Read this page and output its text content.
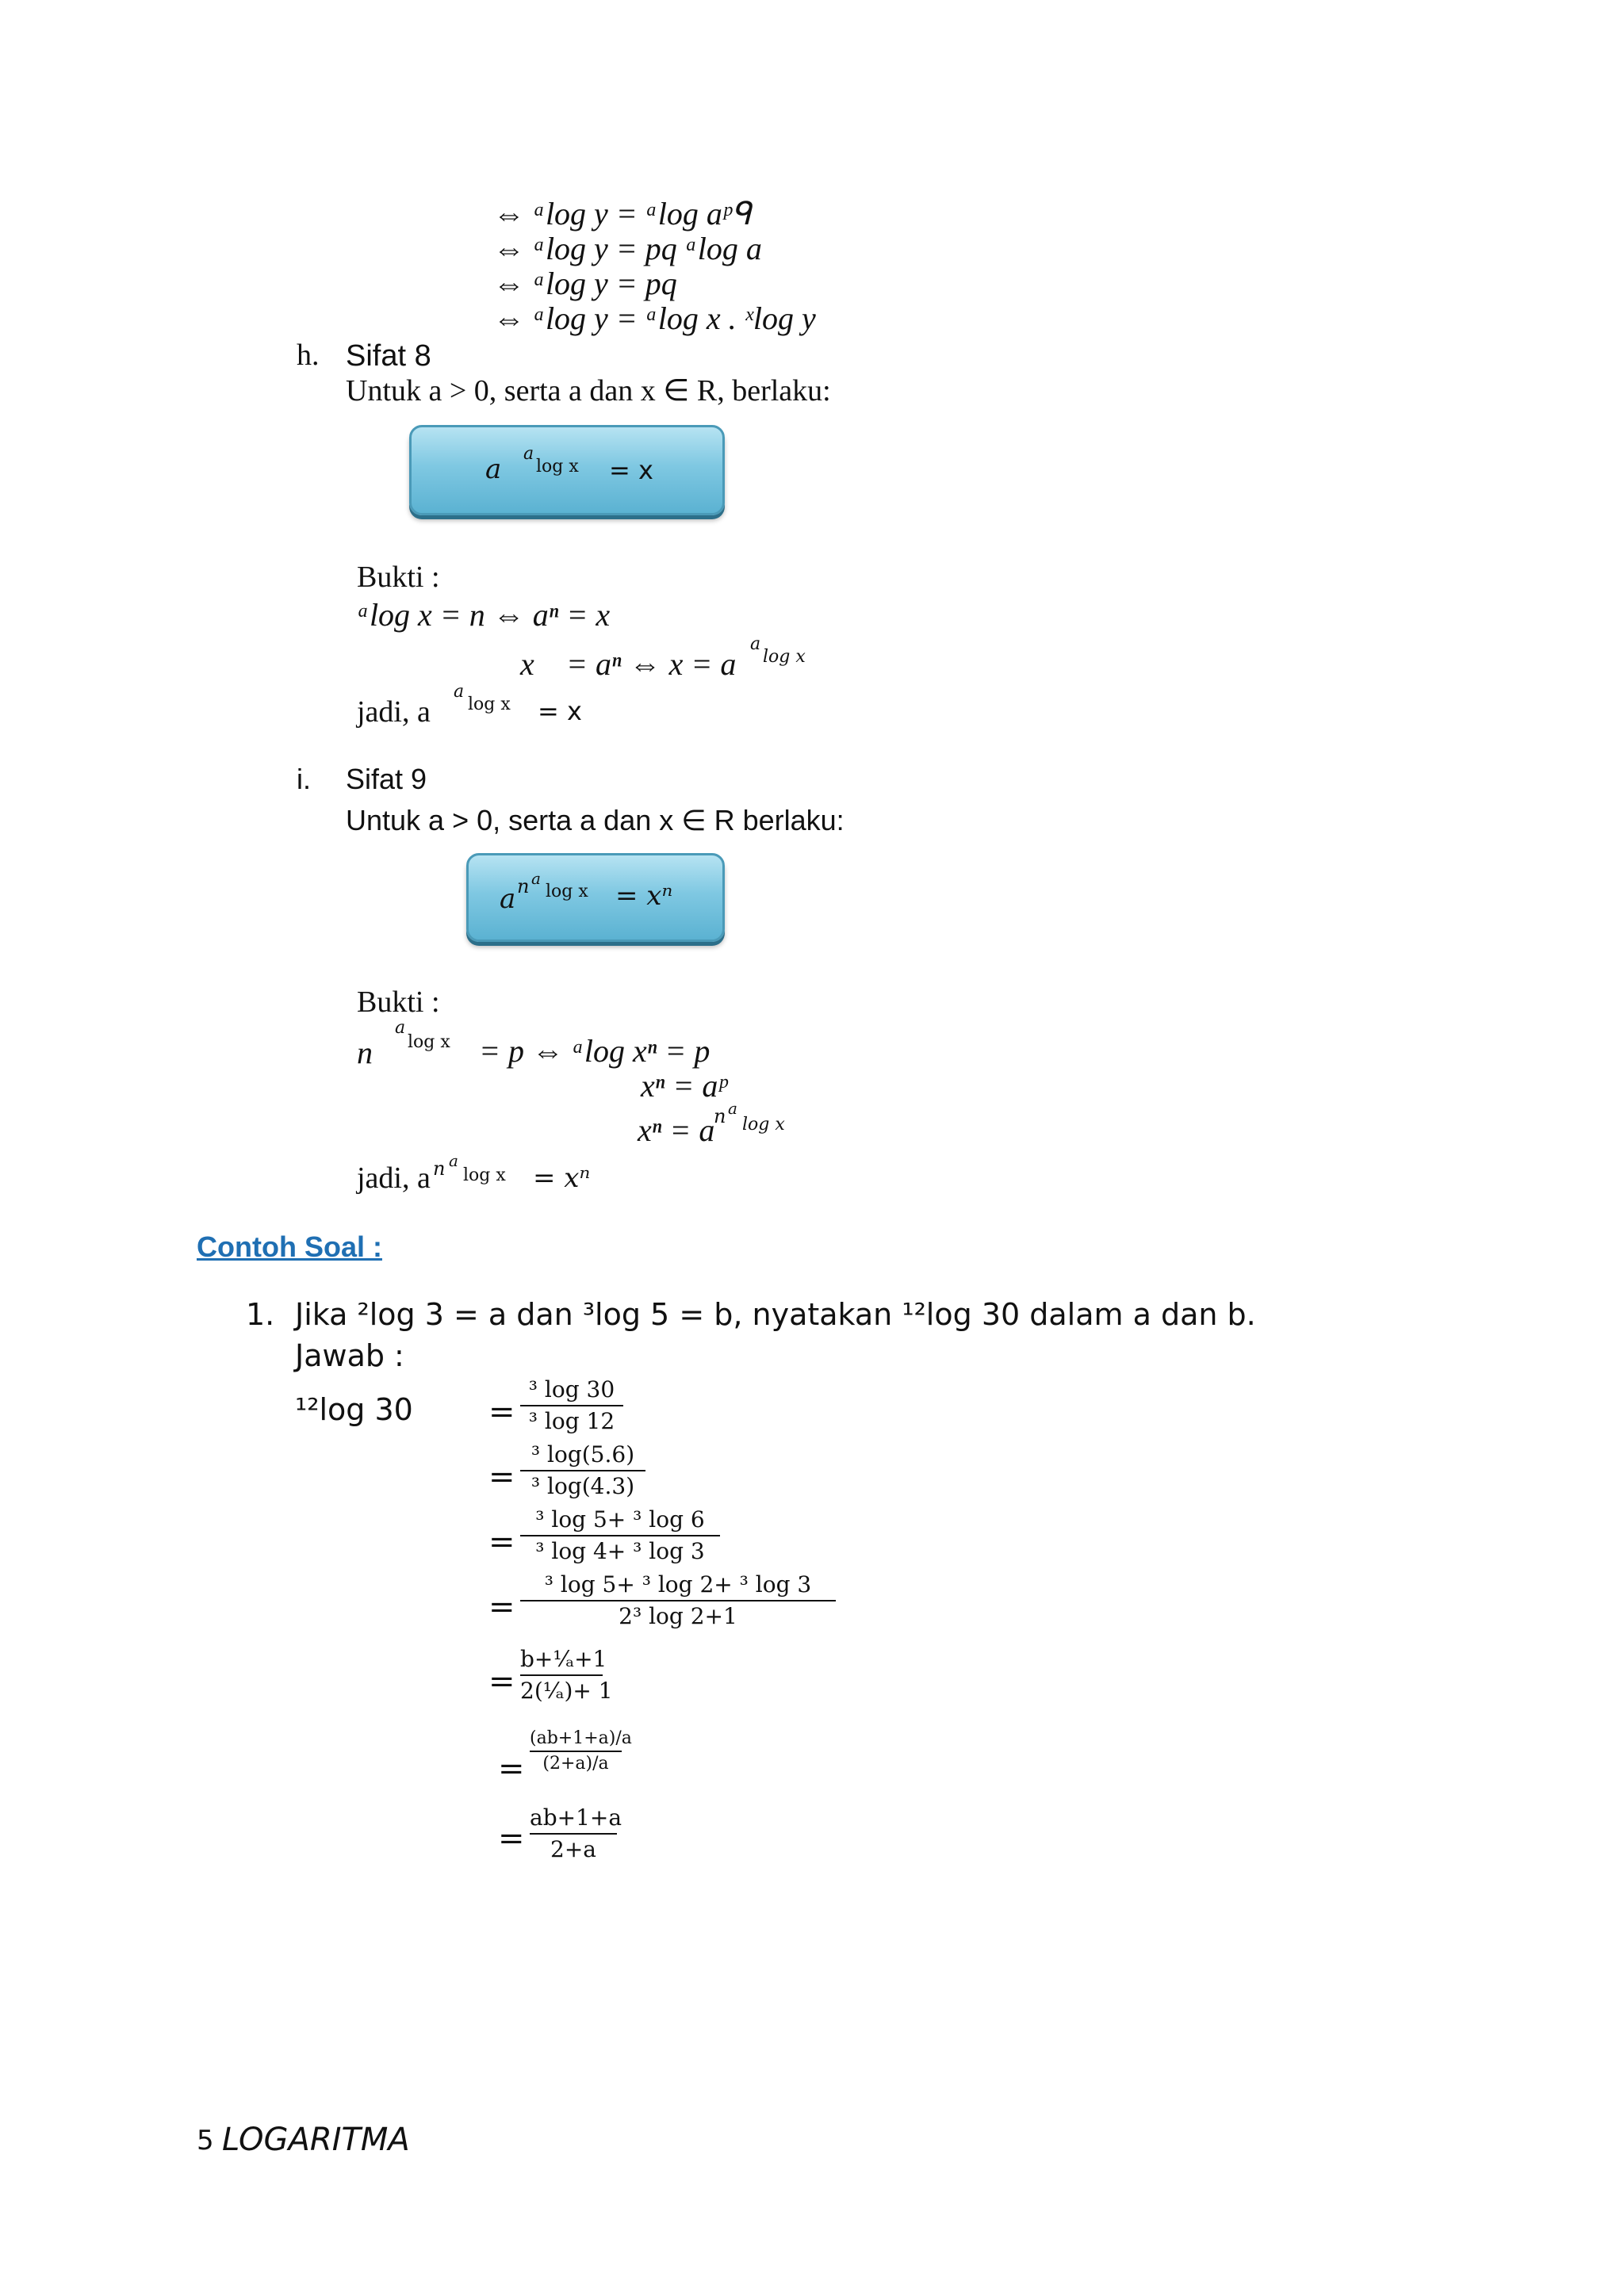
⇔ ᵃlog y = ᵃlog aᵖᑫ
⇔ ᵃlog y = pq ᵃlog a
⇔ ᵃlog y = pq
⇔ ᵃlog y = ᵃlog x . ˣlog y
h. Sifat 8
Untuk a > 0, serta a dan x ∈ R, berlaku:
a a
log x = x
Bukti :
ᵃlog x = n ⇔ aⁿ = x
x = aⁿ ⇔ x = a
a
log x
jadi, a
a
log x = x
i. Sifat 9
Untuk a > 0, serta a dan x ∈ R berlaku:
a n a
log x = xⁿ
Bukti :
n
a
log x = p ⇔ ᵃlog xⁿ = p
xⁿ = aᵖ
xⁿ = a
n a
log x
jadi, a n a
log x = xⁿ
Contoh Soal :
1. Jika ²log 3 = a dan ³log 5 = b, nyatakan ¹²log 30 dalam a dan b.
Jawab :
¹²log 30 =
³ log 30
³ log 12
=
³ log(5.6)
³ log(4.3)
=
³ log 5+ ³ log 6
³ log 4+ ³ log 3
=
³ log 5+ ³ log 2+ ³ log 3
2³ log 2+1
=
b+¹⁄ₐ+1
2(¹⁄ₐ)+ 1
=
(ab+1+a)/a
(2+a)/a
=
ab+1+a
2+a
5 LOGARITMA
